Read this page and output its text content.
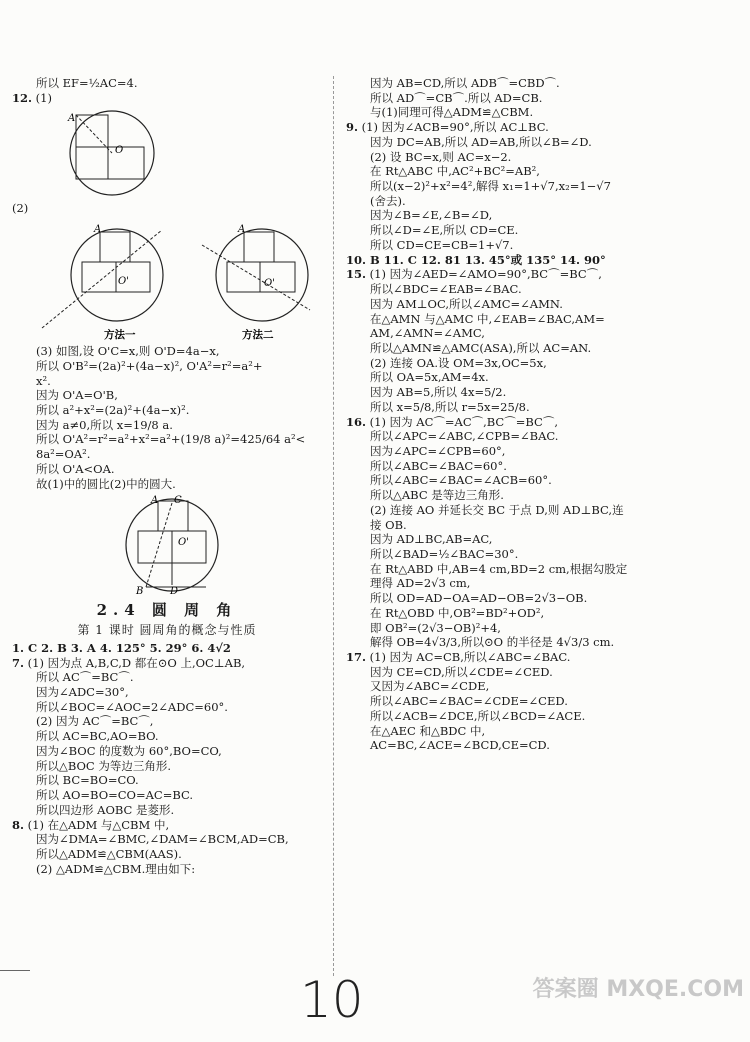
所以 EF=½AC=4.
12. (1)
A
O
(2)
A
O'
A
O'
方法一	方法二
(3) 如图,设 O'C=x,则 O'D=4a−x,
所以 O'B²=(2a)²+(4a−x)², O'A²=r²=a²+
x².
因为 O'A=O'B,
所以 a²+x²=(2a)²+(4a−x)².
因为 a≠0,所以 x=19/8 a.
所以 O'A²=r²=a²+x²=a²+(19/8 a)²=425/64 a²<
8a²=OA².
所以 O'A<OA.
故(1)中的圆比(2)中的圆大.
C
A
O'
B	D
2.4 圆 周 角
第 1 课时 圆周角的概念与性质
1. C 2. B 3. A 4. 125° 5. 29° 6. 4√2
7. (1) 因为点 A,B,C,D 都在⊙O 上,OC⊥AB,
所以 AC⌒=BC⌒.
因为∠ADC=30°,
所以∠BOC=∠AOC=2∠ADC=60°.
(2) 因为 AC⌒=BC⌒,
所以 AC=BC,AO=BO.
因为∠BOC 的度数为 60°,BO=CO,
所以△BOC 为等边三角形.
所以 BC=BO=CO.
所以 AO=BO=CO=AC=BC.
所以四边形 AOBC 是菱形.
8. (1) 在△ADM 与△CBM 中,
因为∠DMA=∠BMC,∠DAM=∠BCM,AD=CB,
所以△ADM≌△CBM(AAS).
(2) △ADM≌△CBM.理由如下:
因为 AB=CD,所以 ADB⌒=CBD⌒.
所以 AD⌒=CB⌒.所以 AD=CB.
与(1)同理可得△ADM≌△CBM.
9. (1) 因为∠ACB=90°,所以 AC⊥BC.
因为 DC=AB,所以 AD=AB,所以∠B=∠D.
(2) 设 BC=x,则 AC=x−2.
在 Rt△ABC 中,AC²+BC²=AB²,
所以(x−2)²+x²=4²,解得 x₁=1+√7,x₂=1−√7
(舍去).
因为∠B=∠E,∠B=∠D,
所以∠D=∠E,所以 CD=CE.
所以 CD=CE=CB=1+√7.
10. B 11. C 12. 81 13. 45°或 135° 14. 90°
15. (1) 因为∠AED=∠AMO=90°,BC⌒=BC⌒,
所以∠BDC=∠EAB=∠BAC.
因为 AM⊥OC,所以∠AMC=∠AMN.
在△AMN 与△AMC 中,∠EAB=∠BAC,AM=
AM,∠AMN=∠AMC,
所以△AMN≌△AMC(ASA),所以 AC=AN.
(2) 连接 OA.设 OM=3x,OC=5x,
所以 OA=5x,AM=4x.
因为 AB=5,所以 4x=5/2.
所以 x=5/8,所以 r=5x=25/8.
16. (1) 因为 AC⌒=AC⌒,BC⌒=BC⌒,
所以∠APC=∠ABC,∠CPB=∠BAC.
因为∠APC=∠CPB=60°,
所以∠ABC=∠BAC=60°.
所以∠ABC=∠BAC=∠ACB=60°.
所以△ABC 是等边三角形.
(2) 连接 AO 并延长交 BC 于点 D,则 AD⊥BC,连
接 OB.
因为 AD⊥BC,AB=AC,
所以∠BAD=½∠BAC=30°.
在 Rt△ABD 中,AB=4 cm,BD=2 cm,根据勾股定
理得 AD=2√3 cm,
所以 OD=AD−OA=AD−OB=2√3−OB.
在 Rt△OBD 中,OB²=BD²+OD²,
即 OB²=(2√3−OB)²+4,
解得 OB=4√3/3,所以⊙O 的半径是 4√3/3 cm.
17. (1) 因为 AC=CB,所以∠ABC=∠BAC.
因为 CE=CD,所以∠CDE=∠CED.
又因为∠ABC=∠CDE,
所以∠ABC=∠BAC=∠CDE=∠CED.
所以∠ACB=∠DCE,所以∠BCD=∠ACE.
在△AEC 和△BDC 中,
AC=BC,∠ACE=∠BCD,CE=CD.
10	答案圈 MXQE.COM
